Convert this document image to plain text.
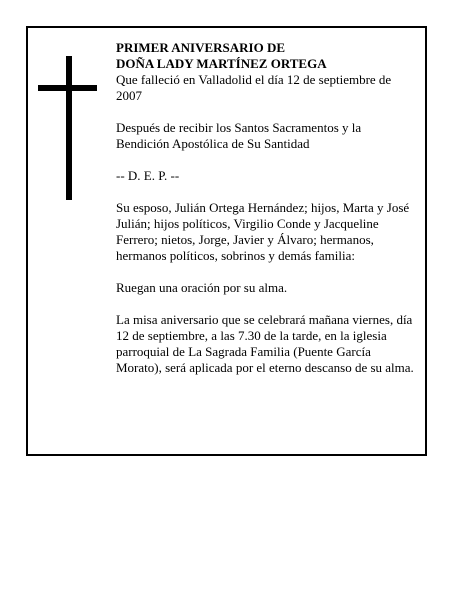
PRIMER ANIVERSARIO DE

DOÑA LADY MARTÍNEZ ORTEGA

Que falleció en Valladolid el día 12 de septiembre de 2007

Después de recibir los Santos Sacramentos y la Bendición Apostólica de Su Santidad

-- D. E. P. --

Su esposo, Julián Ortega Hernández; hijos, Marta y José Julián; hijos políticos, Virgilio Conde y Jacqueline Ferrero; nietos, Jorge, Javier y Álvaro; hermanos, hermanos políticos, sobrinos y demás familia:

Ruegan una oración por su alma.

La misa aniversario que se celebrará mañana viernes, día 12 de septiembre, a las 7.30 de la tarde, en la iglesia parroquial de La Sagrada Familia (Puente García Morato), será aplicada por el eterno descanso de su alma.
